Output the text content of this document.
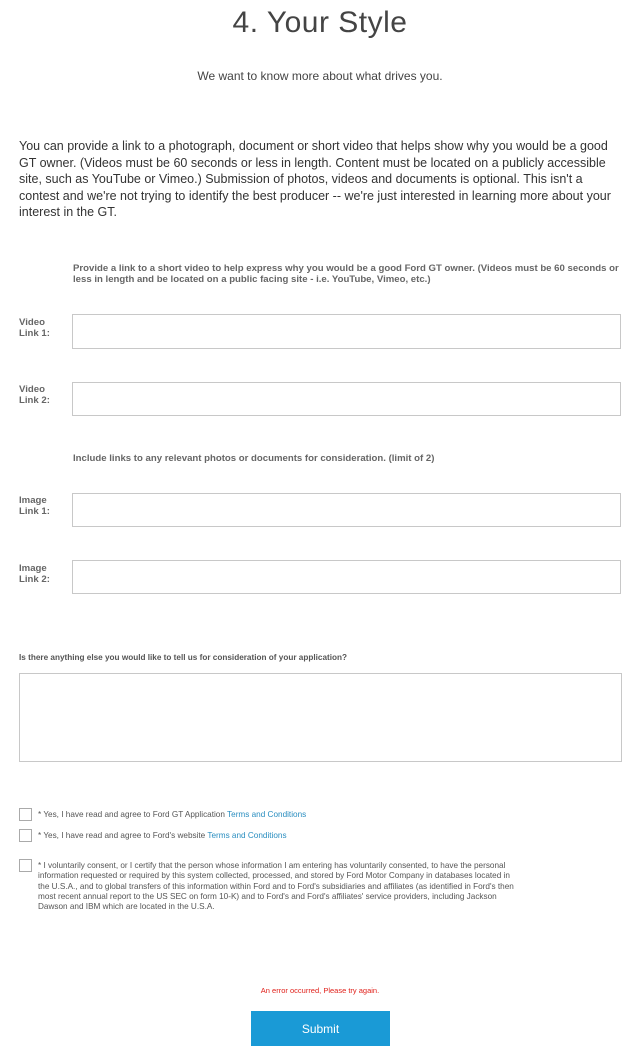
4. Your Style
We want to know more about what drives you.
You can provide a link to a photograph, document or short video that helps show why you would be a good GT owner. (Videos must be 60 seconds or less in length. Content must be located on a publicly accessible site, such as YouTube or Vimeo.) Submission of photos, videos and documents is optional. This isn't a contest and we're not trying to identify the best producer -- we're just interested in learning more about your interest in the GT.
Provide a link to a short video to help express why you would be a good Ford GT owner. (Videos must be 60 seconds or less in length and be located on a public facing site - i.e. YouTube, Vimeo, etc.)
Video
Link 1:
Video
Link 2:
Include links to any relevant photos or documents for consideration. (limit of 2)
Image
Link 1:
Image
Link 2:
Is there anything else you would like to tell us for consideration of your application?
* Yes, I have read and agree to Ford GT Application Terms and Conditions
* Yes, I have read and agree to Ford's website Terms and Conditions
* I voluntarily consent, or I certify that the person whose information I am entering has voluntarily consented, to have the personal information requested or required by this system collected, processed, and stored by Ford Motor Company in databases located in the U.S.A., and to global transfers of this information within Ford and to Ford's subsidiaries and affiliates (as identified in Ford's then most recent annual report to the US SEC on form 10-K) and to Ford's and Ford's affiliates' service providers, including Jackson Dawson and IBM which are located in the U.S.A.
An error occurred, Please try again.
Submit
